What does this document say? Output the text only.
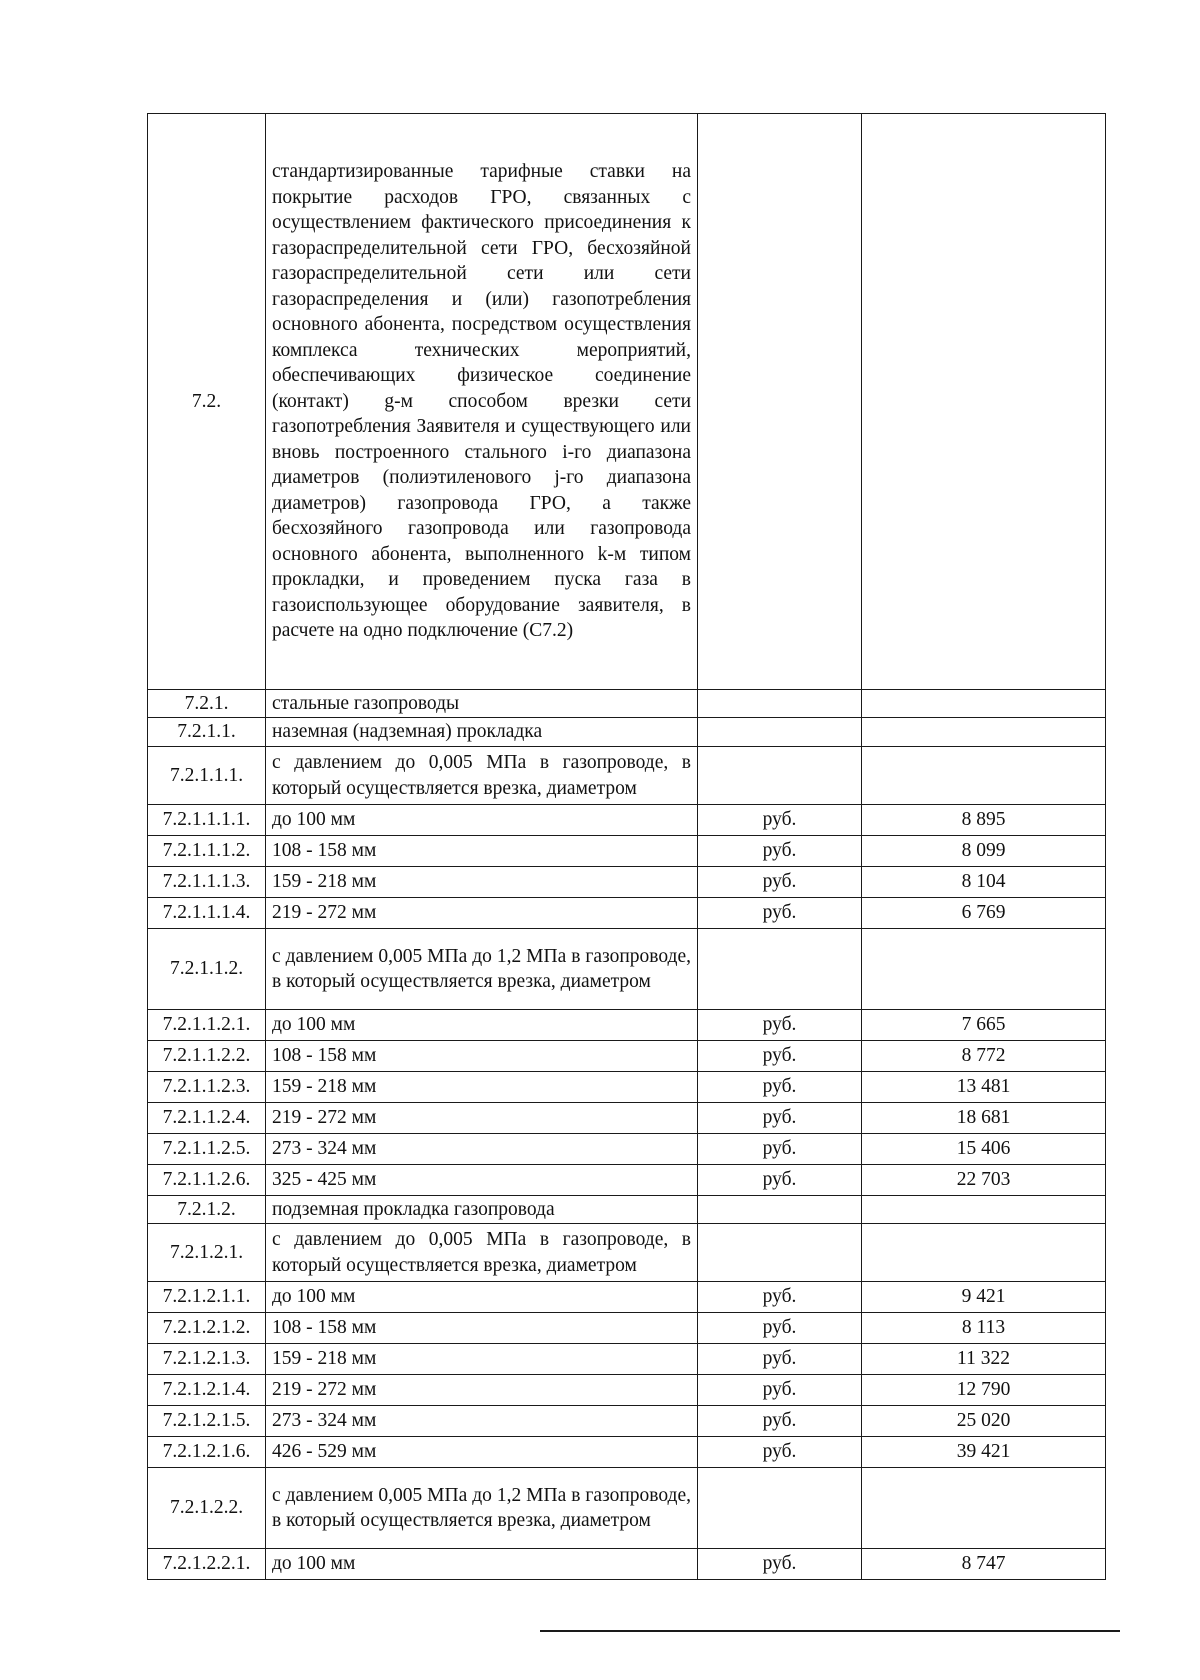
7.2.	стандартизированные тарифные ставки на покрытие расходов ГРО, связанных с осуществлением фактического присоединения к газораспределительной сети ГРО, бесхозяйной газораспределительной сети или сети газораспределения и (или) газопотребления основного абонента, посредством осуществления комплекса технических мероприятий, обеспечивающих физическое соединение (контакт) g-м способом врезки сети газопотребления Заявителя и существующего или вновь построенного стального i-го диапазона диаметров (полиэтиленового j-го диапазона диаметров) газопровода ГРО, а также бесхозяйного газопровода или газопровода основного абонента, выполненного k-м типом прокладки, и проведением пуска газа в газоиспользующее оборудование заявителя, в расчете на одно подключение (С7.2)		
7.2.1.	стальные газопроводы		
7.2.1.1.	наземная (надземная) прокладка		
7.2.1.1.1.	с давлением до 0,005 МПа в газопроводе, в который осуществляется врезка, диаметром		
7.2.1.1.1.1.	до 100 мм	руб.	8 895
7.2.1.1.1.2.	108 - 158 мм	руб.	8 099
7.2.1.1.1.3.	159 - 218 мм	руб.	8 104
7.2.1.1.1.4.	219 - 272 мм	руб.	6 769
7.2.1.1.2.	с давлением 0,005 МПа до 1,2 МПа в газопроводе, в который осуществляется врезка, диаметром		
7.2.1.1.2.1.	до 100 мм	руб.	7 665
7.2.1.1.2.2.	108 - 158 мм	руб.	8 772
7.2.1.1.2.3.	159 - 218 мм	руб.	13 481
7.2.1.1.2.4.	219 - 272 мм	руб.	18 681
7.2.1.1.2.5.	273 - 324 мм	руб.	15 406
7.2.1.1.2.6.	325 - 425 мм	руб.	22 703
7.2.1.2.	подземная прокладка газопровода		
7.2.1.2.1.	с давлением до 0,005 МПа в газопроводе, в который осуществляется врезка, диаметром		
7.2.1.2.1.1.	до 100 мм	руб.	9 421
7.2.1.2.1.2.	108 - 158 мм	руб.	8 113
7.2.1.2.1.3.	159 - 218 мм	руб.	11 322
7.2.1.2.1.4.	219 - 272 мм	руб.	12 790
7.2.1.2.1.5.	273 - 324 мм	руб.	25 020
7.2.1.2.1.6.	426 - 529 мм	руб.	39 421
7.2.1.2.2.	с давлением 0,005 МПа до 1,2 МПа в газопроводе, в который осуществляется врезка, диаметром		
7.2.1.2.2.1.	до 100 мм	руб.	8 747
